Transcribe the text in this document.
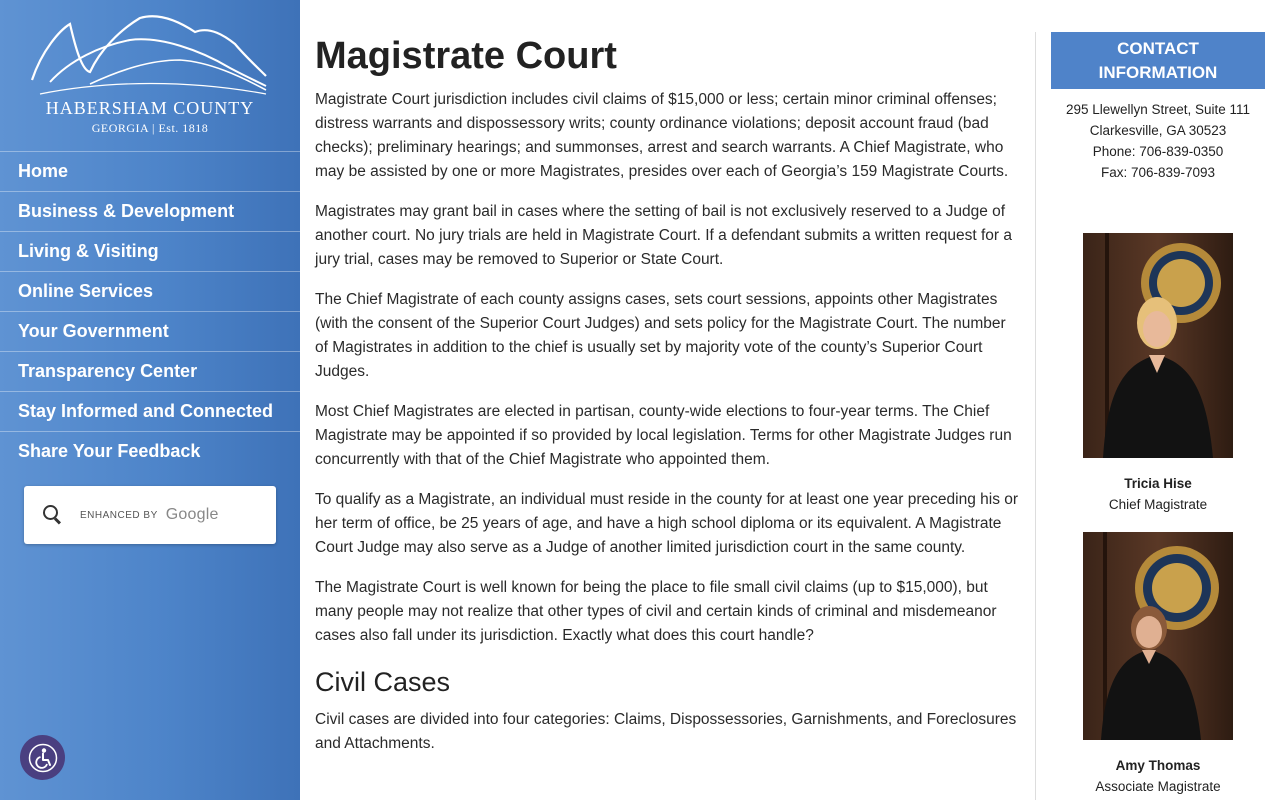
HABERSHAM COUNTY
GEORGIA | Est. 1818
Home
Business & Development
Living & Visiting
Online Services
Your Government
Transparency Center
Stay Informed and Connected
Share Your Feedback
ENHANCED BY Google
Magistrate Court

Magistrate Court jurisdiction includes civil claims of $15,000 or less; certain minor criminal offenses; distress warrants and dispossessory writs; county ordinance violations; deposit account fraud (bad checks); preliminary hearings; and summonses, arrest and search warrants. A Chief Magistrate, who may be assisted by one or more Magistrates, presides over each of Georgia’s 159 Magistrate Courts.

Magistrates may grant bail in cases where the setting of bail is not exclusively reserved to a Judge of another court. No jury trials are held in Magistrate Court. If a defendant submits a written request for a jury trial, cases may be removed to Superior or State Court.

The Chief Magistrate of each county assigns cases, sets court sessions, appoints other Magistrates (with the consent of the Superior Court Judges) and sets policy for the Magistrate Court. The number of Magistrates in addition to the chief is usually set by majority vote of the county’s Superior Court Judges.

Most Chief Magistrates are elected in partisan, county-wide elections to four-year terms. The Chief Magistrate may be appointed if so provided by local legislation. Terms for other Magistrate Judges run concurrently with that of the Chief Magistrate who appointed them.

To qualify as a Magistrate, an individual must reside in the county for at least one year preceding his or her term of office, be 25 years of age, and have a high school diploma or its equivalent. A Magistrate Court Judge may also serve as a Judge of another limited jurisdiction court in the same county.

The Magistrate Court is well known for being the place to file small civil claims (up to $15,000), but many people may not realize that other types of civil and certain kinds of criminal and misdemeanor cases also fall under its jurisdiction. Exactly what does this court handle?

Civil Cases

Civil cases are divided into four categories: Claims, Dispossessories, Garnishments, and Foreclosures and Attachments.

CONTACT
INFORMATION
295 Llewellyn Street, Suite 111
Clarkesville, GA 30523
Phone: 706-839-0350
Fax: 706-839-7093
Tricia Hise
Chief Magistrate
Amy Thomas
Associate Magistrate
